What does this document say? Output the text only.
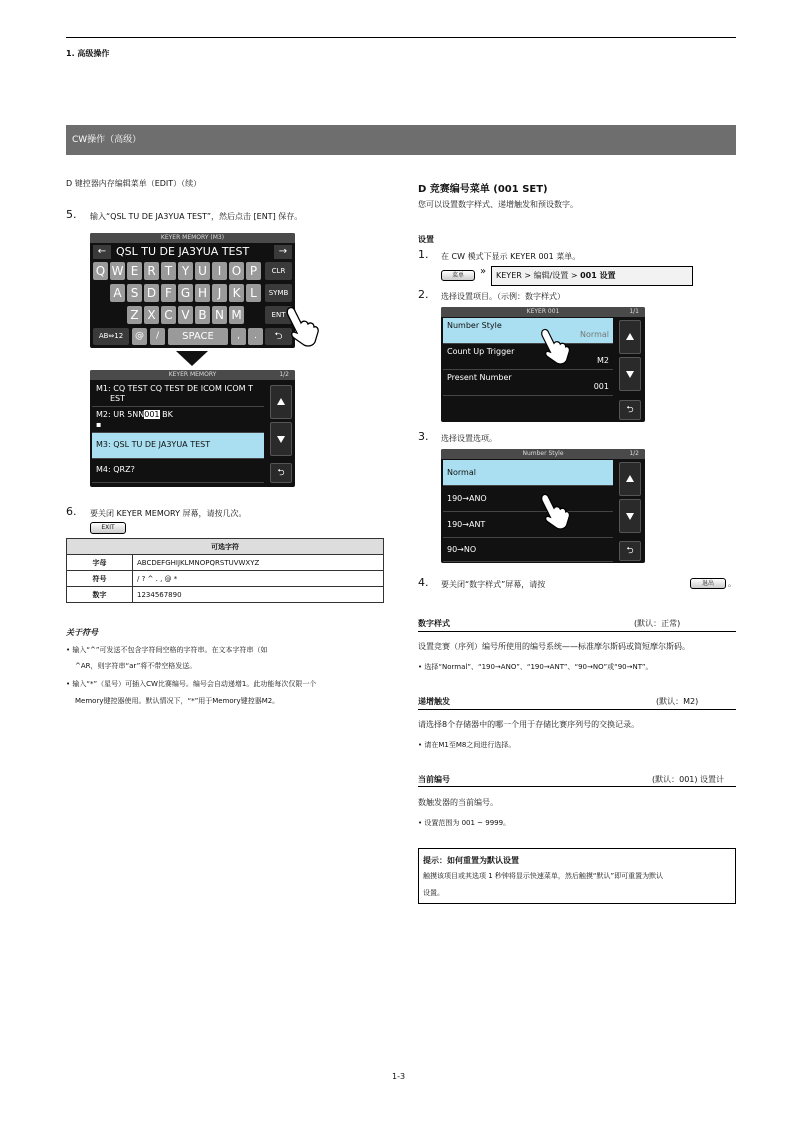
1. 高级操作
CW操作（高级）
D 键控器内存编辑菜单（EDIT）（续）
5. 输入“QSL TU DE JA3YUA TEST”，然后点击 [ENT] 保存。
KEYER MEMORY (M3)
← QSL TU DE JA3YUA TEST	→
Q W E R T Y U I O P	CLR
A S D F G H J K L	SYMB
Z X C V B N M	ENT
AB⇔12	@	/	SPACE	,	.	⮌
KEYER MEMORY	1/2
M1: CQ TEST CQ TEST DE ICOM ICOM T
EST
M2: UR 5NN001 BK
▪
M3: QSL TU DE JA3YUA TEST
M4: QRZ?	⮌
6. 要关闭 KEYER MEMORY 屏幕，请按几次。
EXIT
可选字符	
字母	ABCDEFGHIJKLMNOPQRSTUVWXYZ
符号	/ ? ^ . , @ *
数字	1234567890
关于符号
• 输入“^”可发送不包含字符间空格的字符串。在文本字符串（如
^AR，则字符串“ar”将不带空格发送。
• 输入“*”（星号）可插入CW比赛编号。编号会自动递增1。此功能每次仅限一个
Memory键控器使用。默认情况下，“*”用于Memory键控器M2。
D 竞赛编号菜单 (001 SET)
您可以设置数字样式、递增触发和预设数字。
设置
1. 在 CW 模式下显示 KEYER 001 菜单。
菜单	»	KEYER > 编辑/设置 > 001 设置
2. 选择设置项目。（示例：数字样式）
KEYER 001	1/1
Number Style
Normal
Count Up Trigger
M2
Present Number
001
⮌
3. 选择设置选项。
Number Style	1/2
Normal
190→ANO
190→ANT
90→NO	⮌
4. 要关闭“数字样式”屏幕，请按	退出	。
数字样式	(默认：正常)
设置竞赛（序列）编号所使用的编号系统——标准摩尔斯码或简短摩尔斯码。
• 选择“Normal”、“190→ANO”、“190→ANT”、“90→NO”或“90→NT”。
递增触发	(默认：M2)
请选择8个存储器中的哪一个用于存储比赛序列号的交换记录。
• 请在M1至M8之间进行选择。
当前编号	(默认：001) 设置计
数触发器的当前编号。
• 设置范围为 001 ~ 9999。
提示：如何重置为默认设置
触摸该项目或其选项 1 秒钟将显示快速菜单，然后触摸“默认”即可重置为默认
设置。
1-3
